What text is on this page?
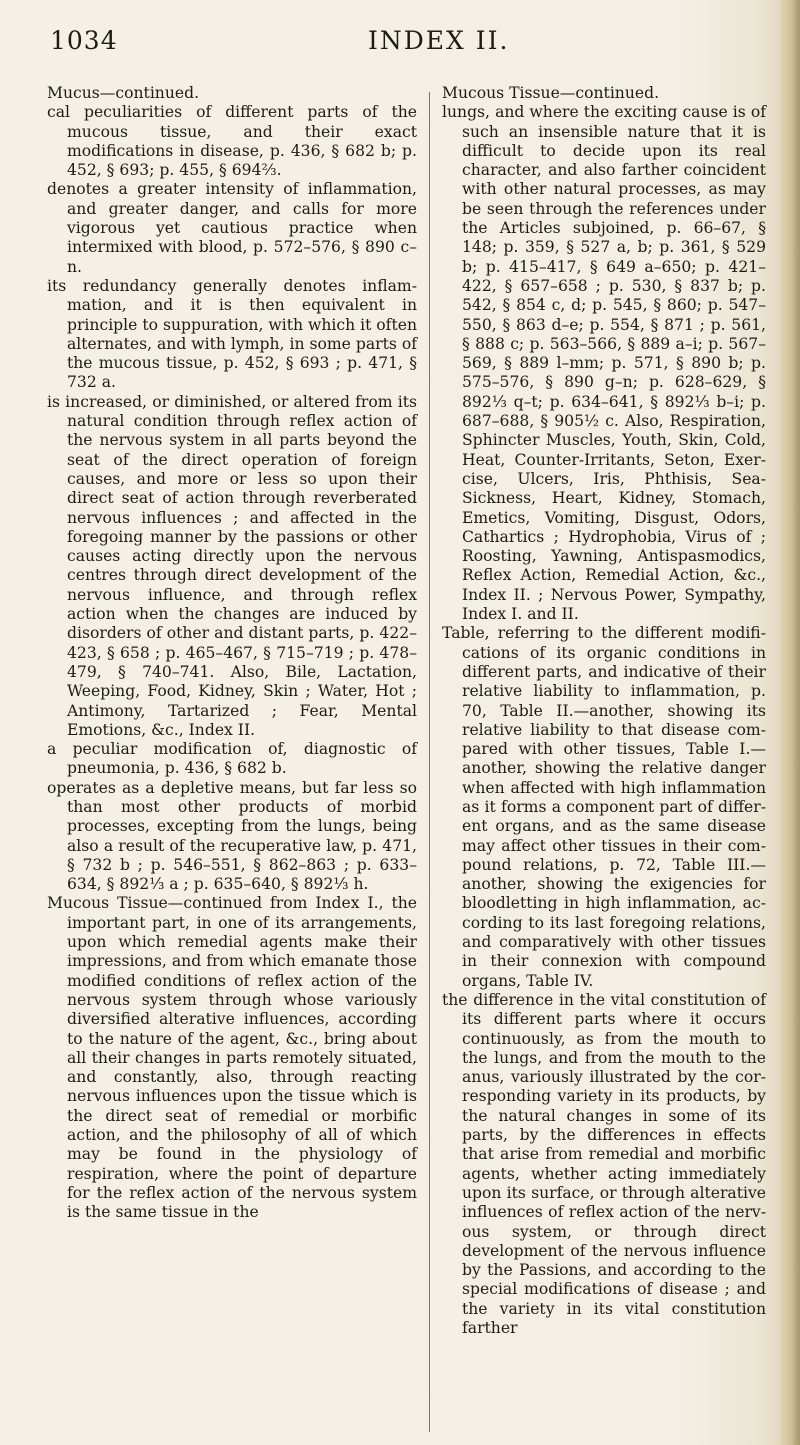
1034	INDEX II.

Mucus—continued.

cal peculiarities of different parts of the mucous tissue, and their exact modifications in disease, p. 436, § 682 b; p. 452, § 693; p. 455, § 694⅔.

denotes a greater intensity of inflammation, and greater danger, and calls for more vigorous yet cautious practice when intermixed with blood, p. 572–576, § 890 c–n.

its redundancy generally denotes inflammation, and it is then equivalent in principle to suppuration, with which it often alternates, and with lymph, in some parts of the mucous tissue, p. 452, § 693 ; p. 471, § 732 a.

is increased, or diminished, or altered from its natural condition through reflex action of the nervous system in all parts beyond the seat of the direct operation of foreign causes, and more or less so upon their direct seat of action through reverberated nervous influences ; and affected in the foregoing manner by the passions or other causes acting directly upon the nervous centres through direct development of the nervous influence, and through reflex action when the changes are induced by disorders of other and distant parts, p. 422–423, § 658 ; p. 465–467, § 715–719 ; p. 478–479, § 740–741. Also, Bile, Lactation, Weeping, Food, Kidney, Skin ; Water, Hot ; Antimony, Tartarized ; Fear, Mental Emotions, &c., Index II.

a peculiar modification of, diagnostic of pneumonia, p. 436, § 682 b.

operates as a depletive means, but far less so than most other products of morbid processes, excepting from the lungs, being also a result of the recuperative law, p. 471, § 732 b ; p. 546–551, § 862–863 ; p. 633–634, § 892⅓ a ; p. 635–640, § 892⅓ h.

Mucous Tissue—continued from Index I., the important part, in one of its arrangements, upon which remedial agents make their impressions, and from which emanate those modified conditions of reflex action of the nervous system through whose variously diversified alterative influences, according to the nature of the agent, &c., bring about all their changes in parts remotely situated, and constantly, also, through reacting nervous influences upon the tissue which is the direct seat of remedial or morbific action, and the philosophy of all of which may be found in the physiology of respiration, where the point of departure for the reflex action of the nervous system is the same tissue in the

Mucous Tissue—continued.

lungs, and where the exciting cause is of such an insensible nature that it is difficult to decide upon its real character, and also farther coincident with other natural processes, as may be seen through the references under the Articles subjoined, p. 66–67, § 148; p. 359, § 527 a, b; p. 361, § 529 b; p. 415–417, § 649 a–650; p. 421–422, § 657–658 ; p. 530, § 837 b; p. 542, § 854 c, d; p. 545, § 860; p. 547–550, § 863 d–e; p. 554, § 871 ; p. 561, § 888 c; p. 563–566, § 889 a–i; p. 567–569, § 889 l–mm; p. 571, § 890 b; p. 575–576, § 890 g–n; p. 628–629, § 892⅓ q–t; p. 634–641, § 892⅓ b–i; p. 687–688, § 905½ c. Also, Respiration, Sphincter Muscles, Youth, Skin, Cold, Heat, Counter-Irritants, Seton, Exercise, Ulcers, Iris, Phthisis, Sea-Sickness, Heart, Kidney, Stomach, Emetics, Vomiting, Disgust, Odors, Cathartics ; Hydrophobia, Virus of ; Roosting, Yawning, Antispasmodics, Reflex Action, Remedial Action, &c., Index II. ; Nervous Power, Sympathy, Index I. and II.

Table, referring to the different modifications of its organic conditions in different parts, and indicative of their relative liability to inflammation, p. 70, Table II.—another, showing its relative liability to that disease compared with other tissues, Table I.—another, showing the relative danger when affected with high inflammation as it forms a component part of different organs, and as the same disease may affect other tissues in their compound relations, p. 72, Table III.—another, showing the exigencies for bloodletting in high inflammation, according to its last foregoing relations, and comparatively with other tissues in their connexion with compound organs, Table IV.

the difference in the vital constitution of its different parts where it occurs continuously, as from the mouth to the lungs, and from the mouth to the anus, variously illustrated by the corresponding variety in its products, by the natural changes in some of its parts, by the differences in effects that arise from remedial and morbific agents, whether acting immediately upon its surface, or through alterative influences of reflex action of the nervous system, or through direct development of the nervous influence by the Passions, and according to the special modifications of disease ; and the variety in its vital constitution farther
